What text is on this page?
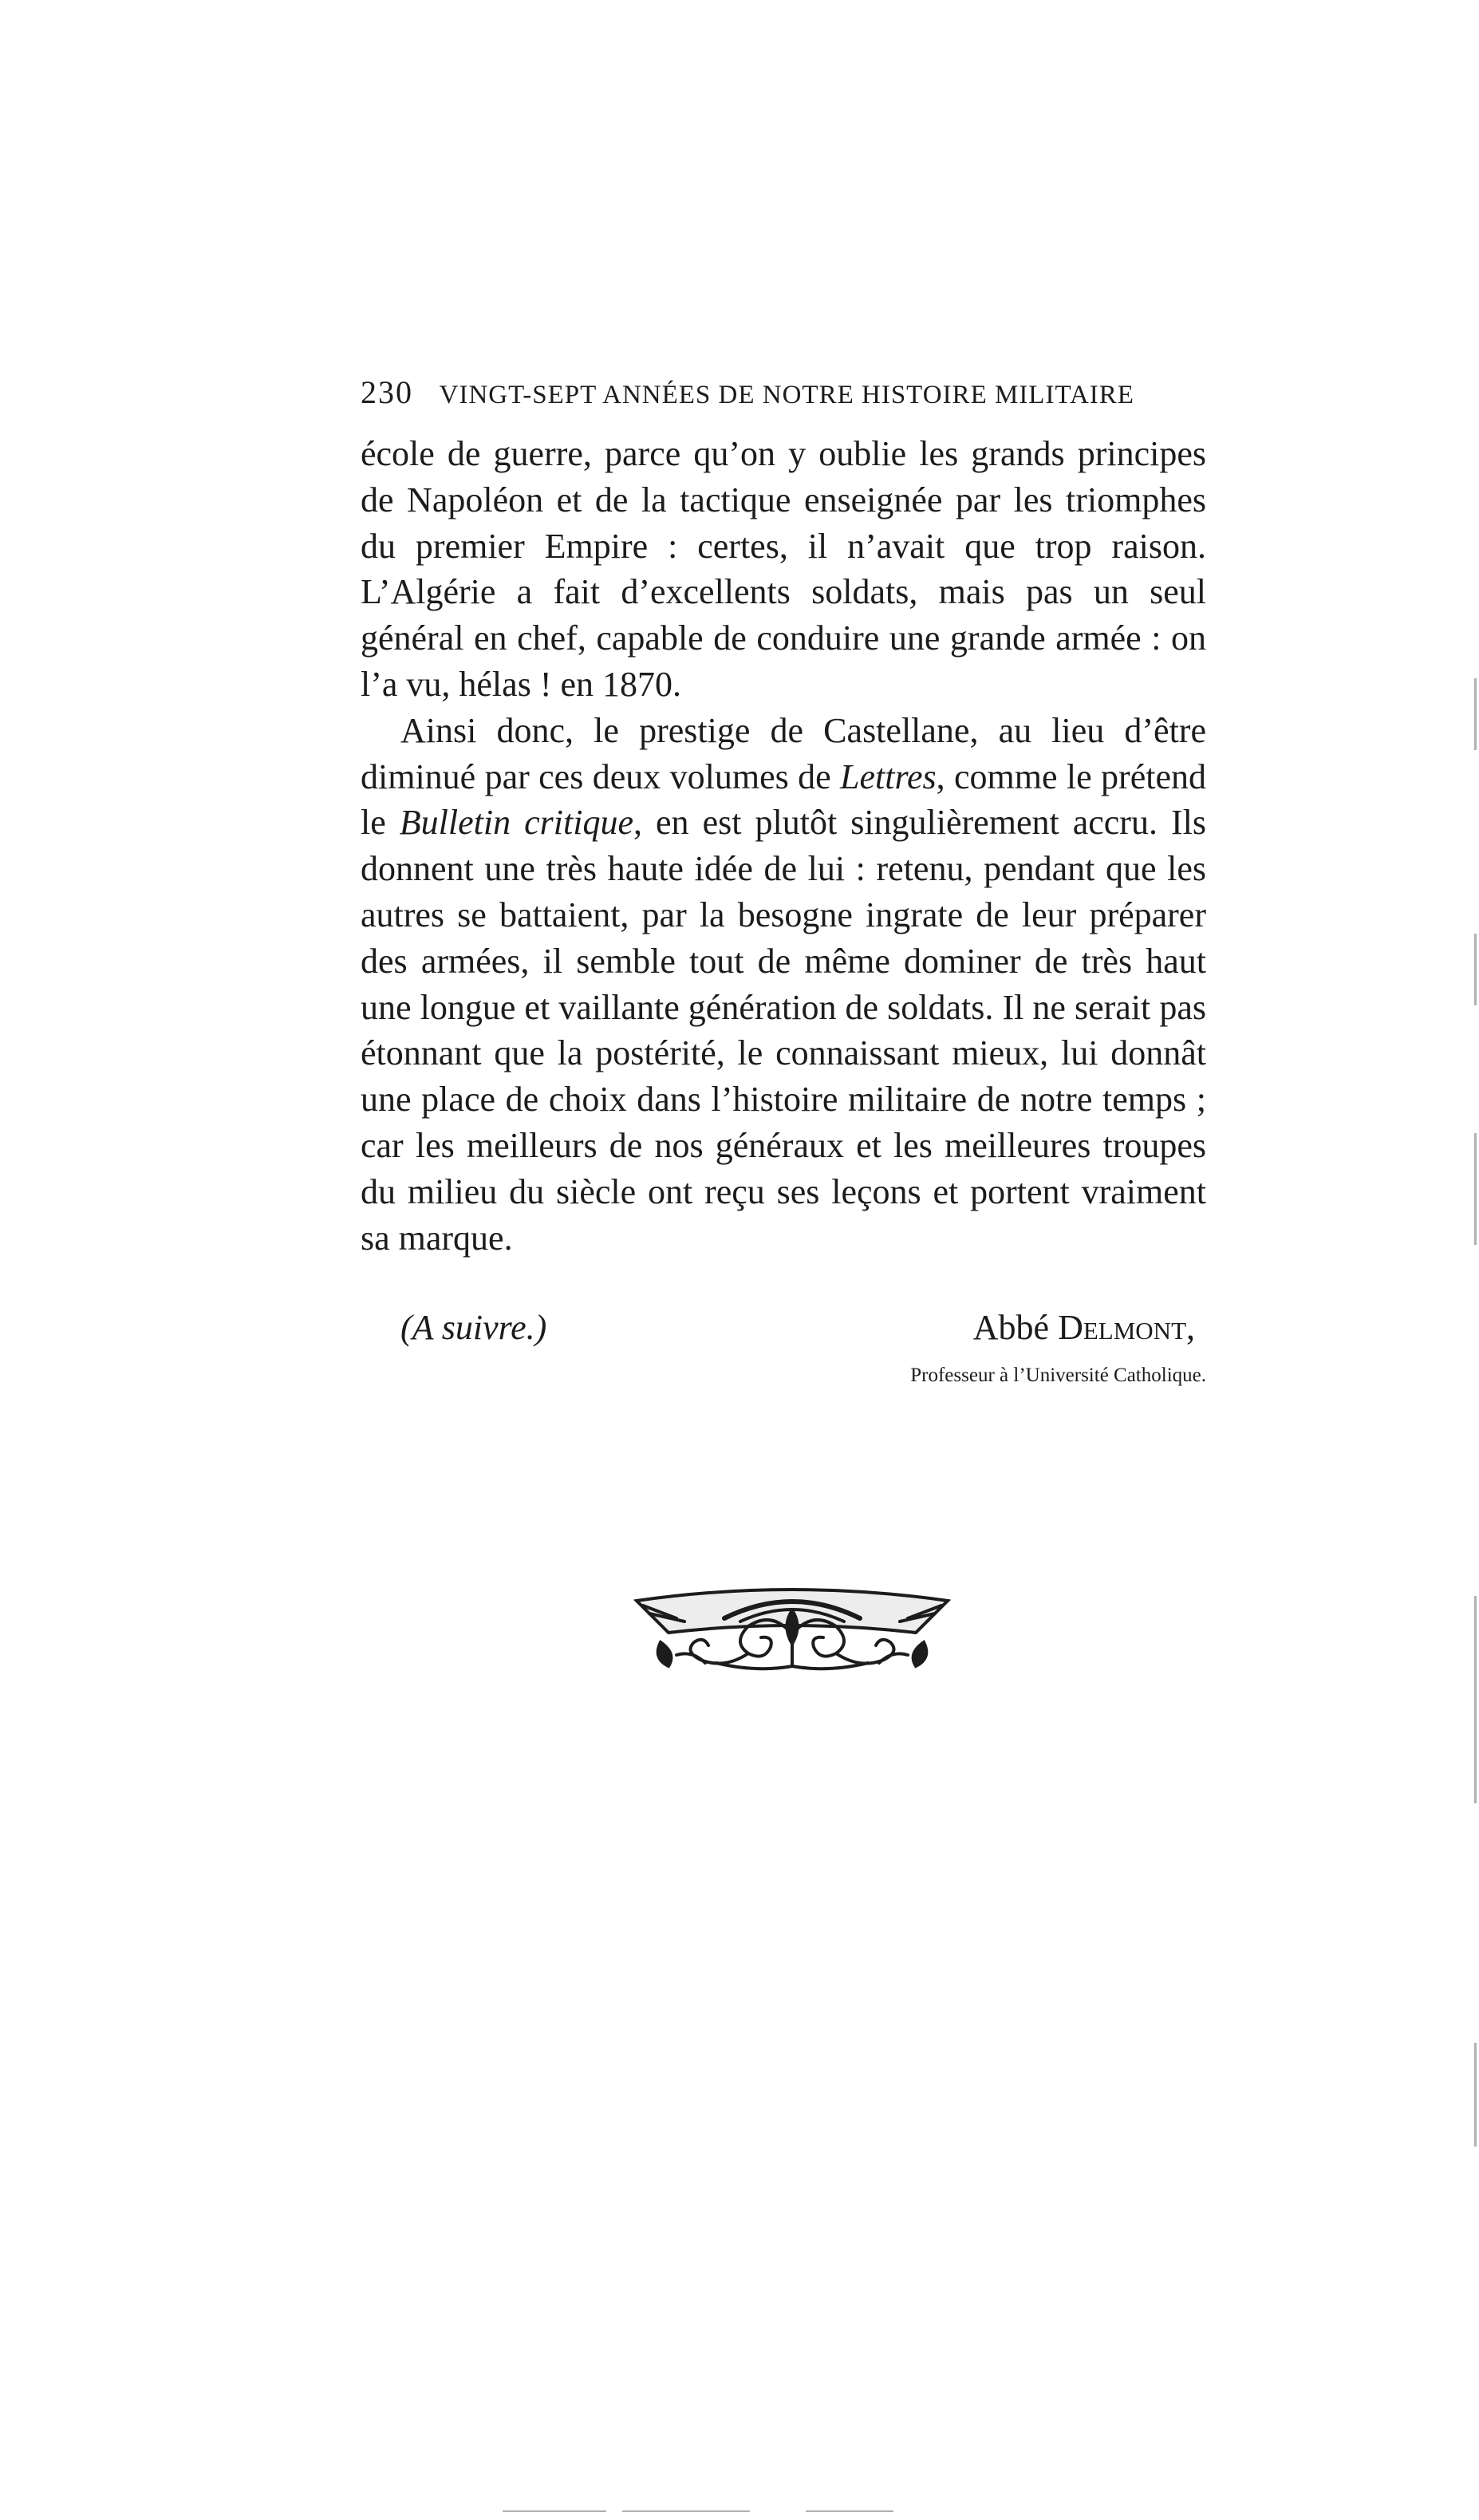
230 VINGT-SEPT ANNÉES DE NOTRE HISTOIRE MILITAIRE

école de guerre, parce qu’on y oublie les grands principes de Napoléon et de la tactique enseignée par les triomphes du premier Empire : certes, il n’avait que trop raison. L’Algérie a fait d’excellents soldats, mais pas un seul général en chef, capable de conduire une grande armée : on l’a vu, hélas ! en 1870.

Ainsi donc, le prestige de Castellane, au lieu d’être diminué par ces deux volumes de Lettres, comme le prétend le Bulletin critique, en est plutôt singulièrement accru. Ils donnent une très haute idée de lui : retenu, pendant que les autres se battaient, par la besogne ingrate de leur préparer des armées, il semble tout de même dominer de très haut une longue et vaillante génération de soldats. Il ne serait pas étonnant que la postérité, le connaissant mieux, lui donnât une place de choix dans l’histoire militaire de notre temps ; car les meilleurs de nos généraux et les meilleures troupes du milieu du siècle ont reçu ses leçons et portent vraiment sa marque.

(A suivre.)	Abbé Delmont,
Professeur à l’Université Catholique.
